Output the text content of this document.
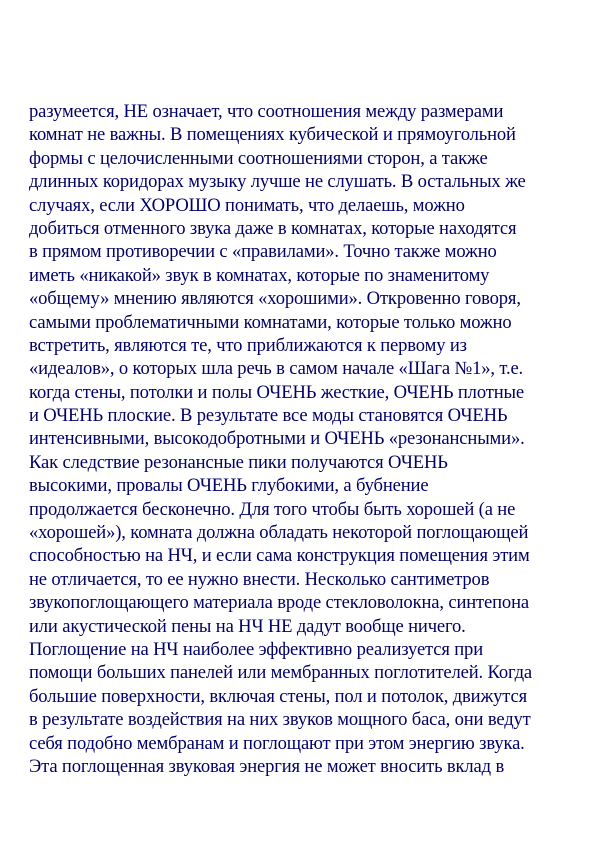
разумеется, НЕ означает, что соотношения между размерами
комнат не важны. В помещениях кубической и прямоугольной
формы с целочисленными соотношениями сторон, а также
длинных коридорах музыку лучше не слушать. В остальных же
случаях, если ХОРОШО понимать, что делаешь, можно
добиться отменного звука даже в комнатах, которые находятся
в прямом противоречии с «правилами». Точно также можно
иметь «никакой» звук в комнатах, которые по знаменитому
«общему» мнению являются «хорошими». Откровенно говоря,
самыми проблематичными комнатами, которые только можно
встретить, являются те, что приближаются к первому из
«идеалов», о которых шла речь в самом начале «Шага №1», т.е.
когда стены, потолки и полы ОЧЕНЬ жесткие, ОЧЕНЬ плотные
и ОЧЕНЬ плоские. В результате все моды становятся ОЧЕНЬ
интенсивными, высокодобротными и ОЧЕНЬ «резонансными».
Как следствие резонансные пики получаются ОЧЕНЬ
высокими, провалы ОЧЕНЬ глубокими, а бубнение
продолжается бесконечно. Для того чтобы быть хорошей (а не
«хорошей»), комната должна обладать некоторой поглощающей
способностью на НЧ, и если сама конструкция помещения этим
не отличается, то ее нужно внести. Несколько сантиметров
звукопоглощающего материала вроде стекловолокна, синтепона
или акустической пены на НЧ НЕ дадут вообще ничего.
Поглощение на НЧ наиболее эффективно реализуется при
помощи больших панелей или мембранных поглотителей. Когда
большие поверхности, включая стены, пол и потолок, движутся
в результате воздействия на них звуков мощного баса, они ведут
себя подобно мембранам и поглощают при этом энергию звука.
Эта поглощенная звуковая энергия не может вносить вклад в
